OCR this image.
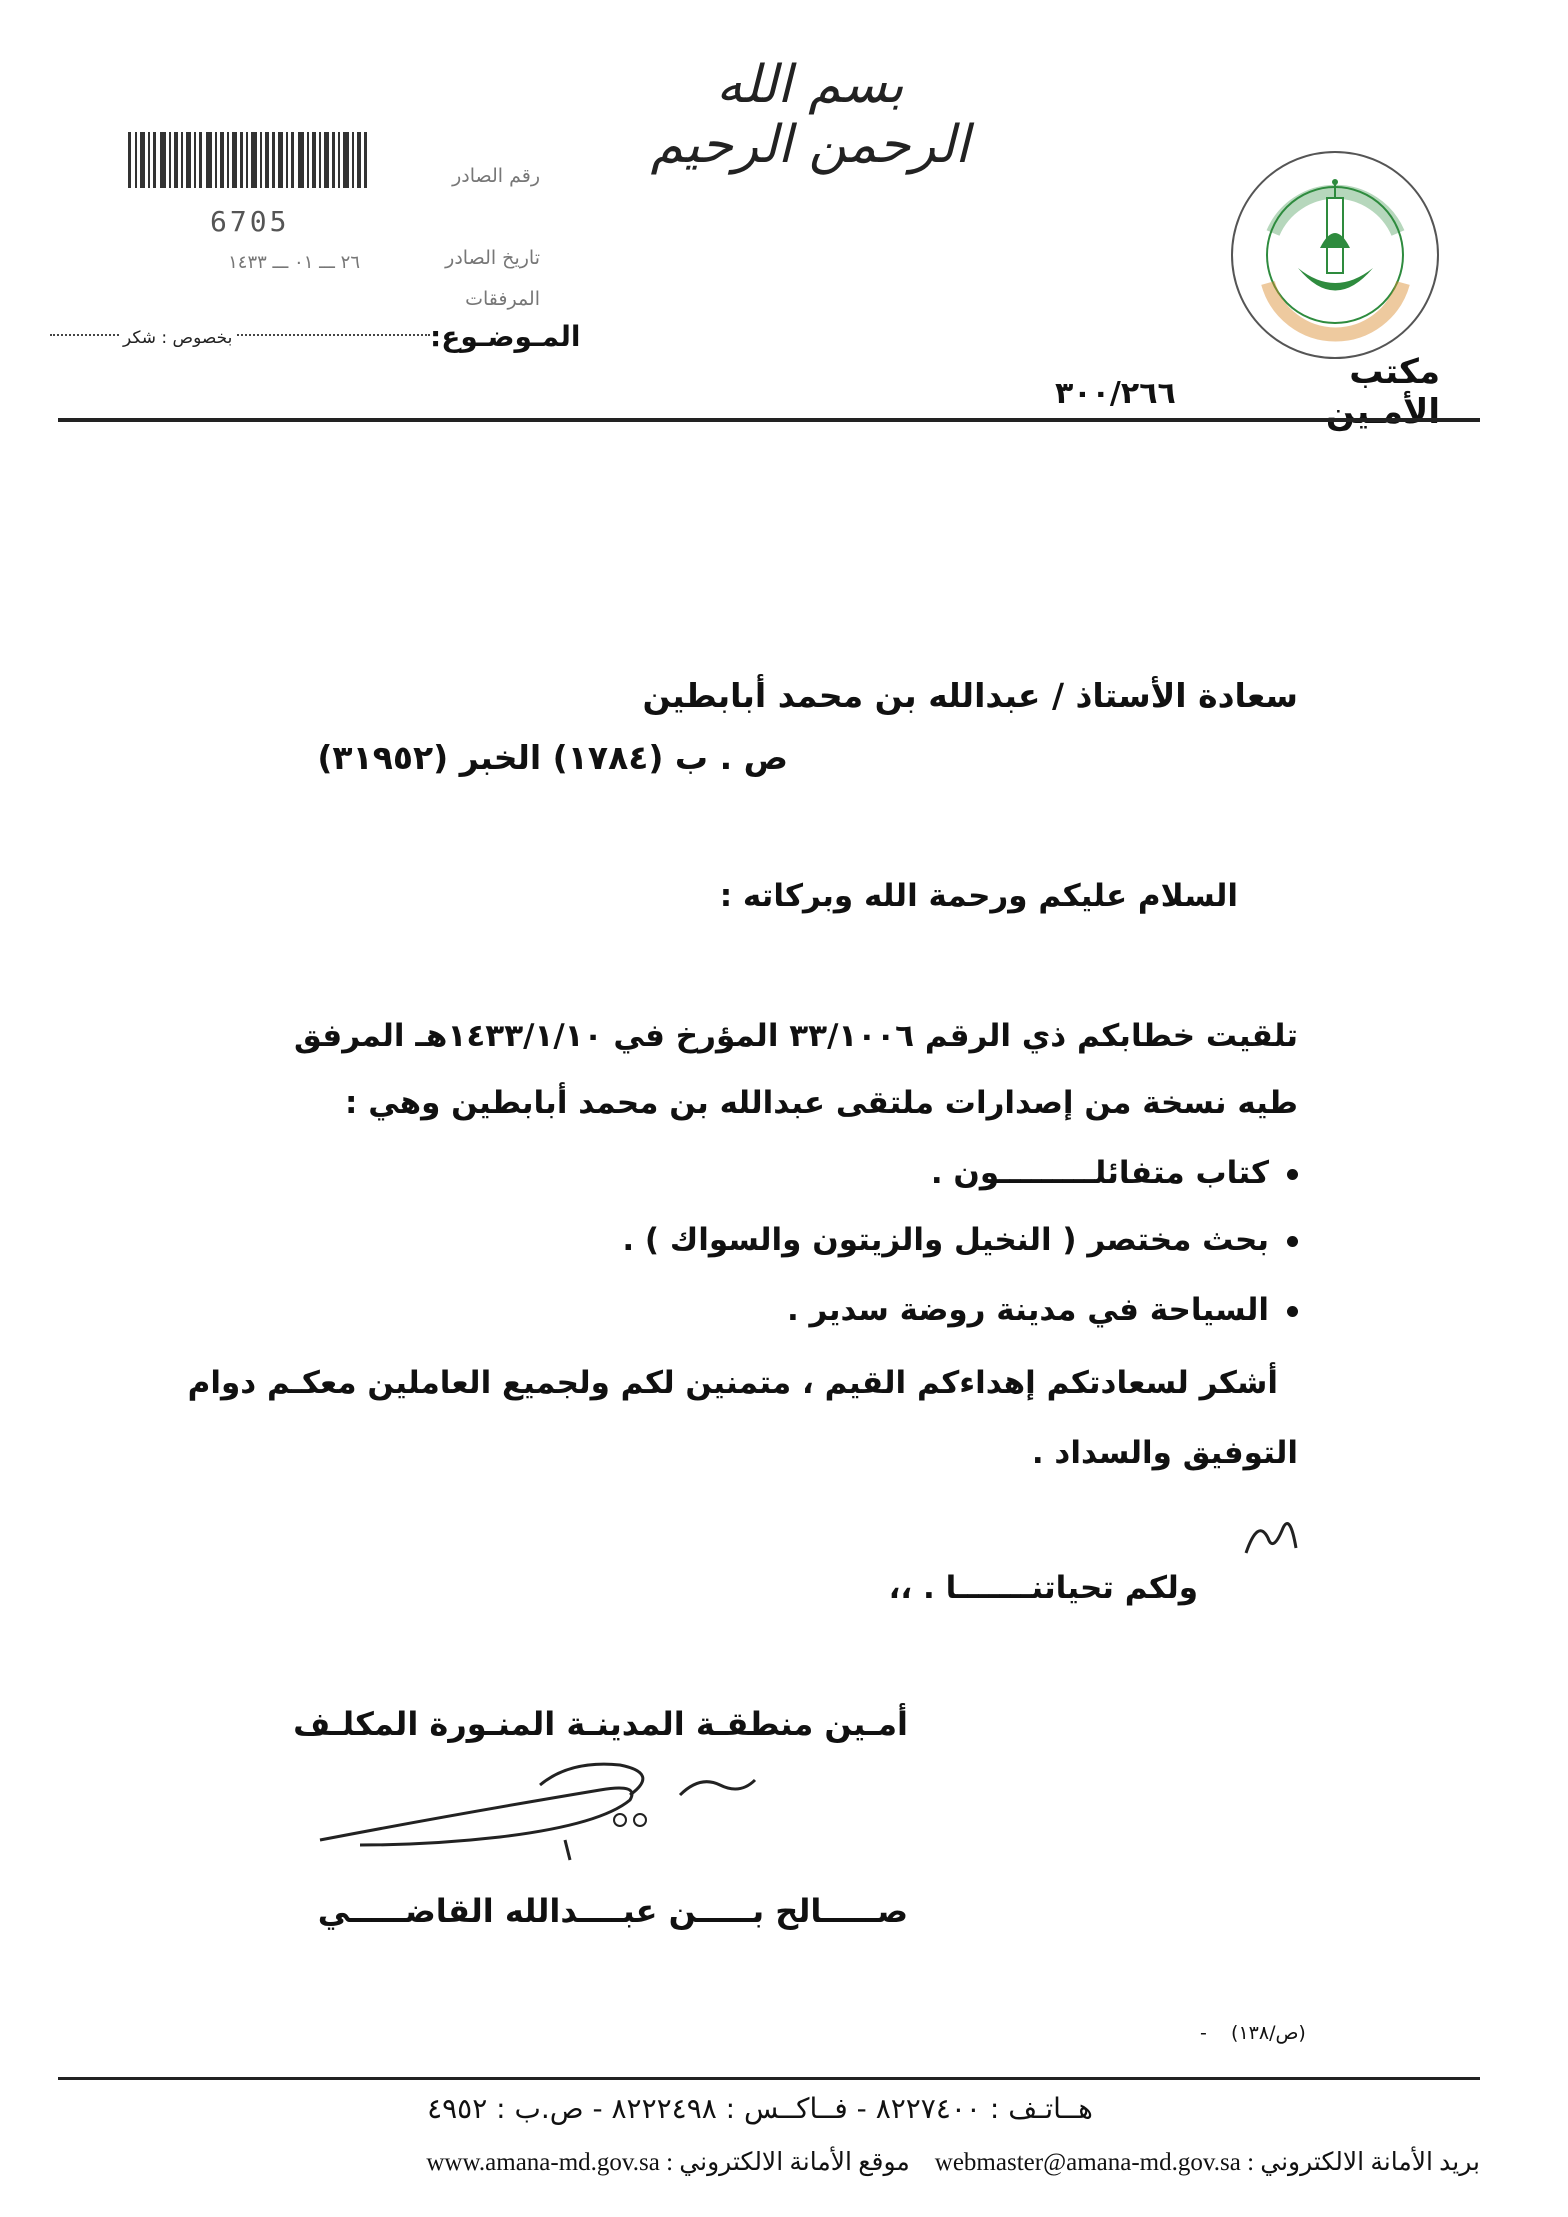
بسم الله الرحمن الرحيم
مكتب الأمـين
٣٠٠/٢٦٦
6705
رقم الصادر
تاريخ الصادر
٢٦ ـــ ٠١ ـــ ١٤٣٣
المرفقات
المـوضـوع:
بخصوص : شكر
سعادة الأستاذ / عبدالله بن محمد أبابطين
ص . ب (١٧٨٤) الخبر (٣١٩٥٢)
السلام عليكم ورحمة الله وبركاته :
تلقيت خطابكم ذي الرقم ٣٣/١٠٠٦ المؤرخ في ١٤٣٣/١/١٠هـ المرفق
طيه نسخة من إصدارات ملتقى عبدالله بن محمد أبابطين وهي :
كتاب متفائلـــــــــون .
بحث مختصر ( النخيل والزيتون والسواك ) .
السياحة في مدينة روضة سدير .
أشكر لسعادتكم إهداءكم القيم ، متمنين لكم ولجميع العاملين معكـم دوام
التوفيق والسداد .
ولكم تحياتنـــــــا . ،،
أمـين منطقـة المدينـة المنـورة المكلـف
صـــــالح بـــــن عبــــدالله القاضـــــي
(ص/١٣٨)    -
هــاتـف : ٨٢٢٧٤٠٠ - فــاكــس : ٨٢٢٢٤٩٨ - ص.ب : ٤٩٥٢
بريد الأمانة الالكتروني : webmaster@amana-md.gov.sa    موقع الأمانة الالكتروني : www.amana-md.gov.sa
